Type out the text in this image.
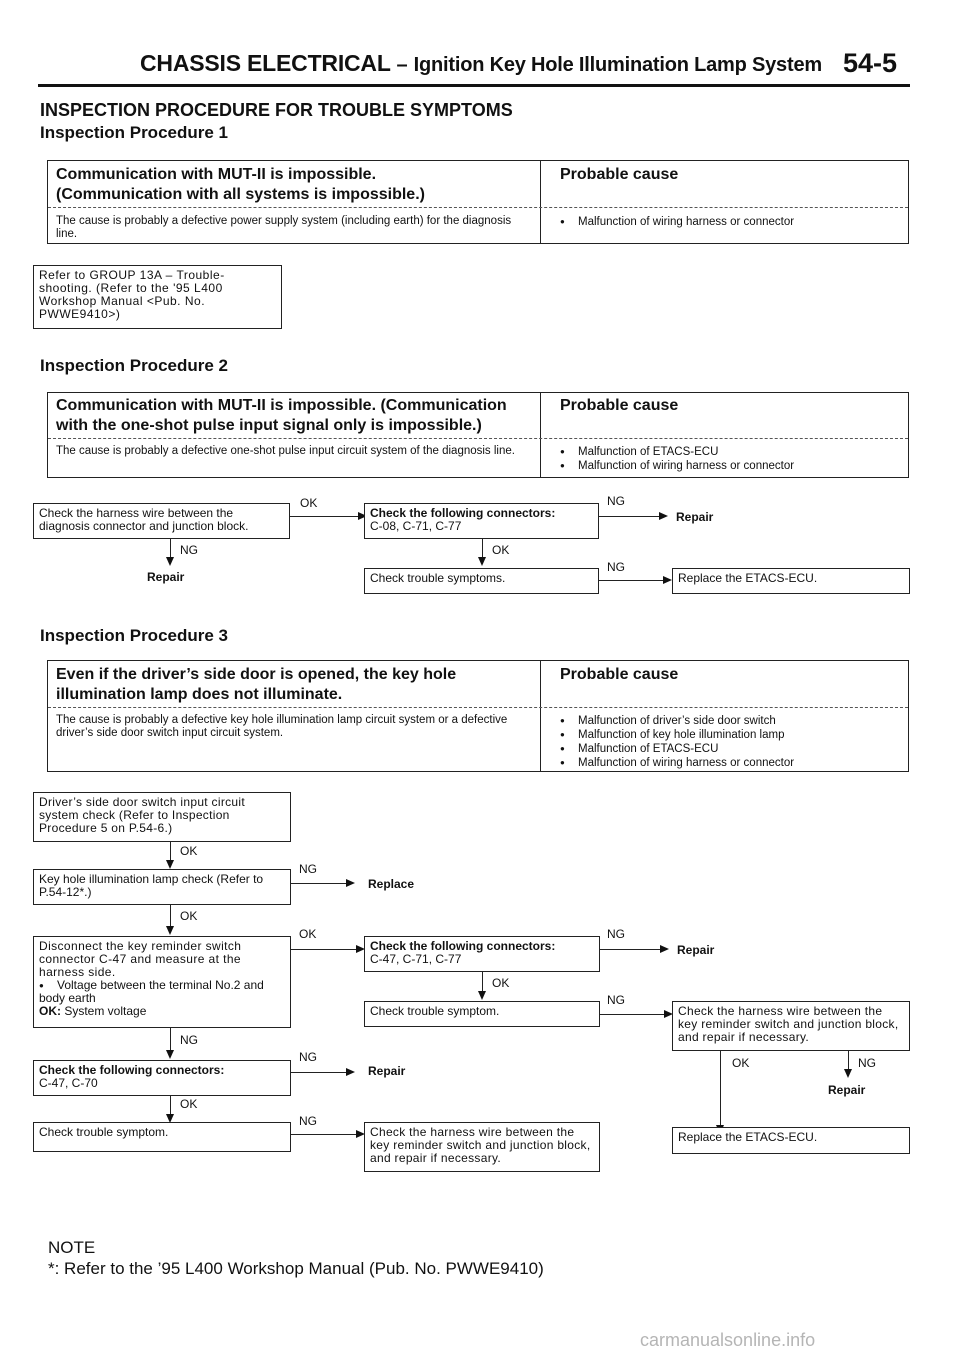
CHASSIS ELECTRICAL – Ignition Key Hole Illumination Lamp System 54-5
INSPECTION PROCEDURE FOR TROUBLE SYMPTOMS
Inspection Procedure 1
Communication with MUT-II is impossible.
(Communication with all systems is impossible.)
Probable cause
The cause is probably a defective power supply system (including earth) for the diagnosis line.
● Malfunction of wiring harness or connector
Refer to GROUP 13A – Trouble-shooting. (Refer to the '95 L400 Workshop Manual <Pub. No. PWWE9410>)
Inspection Procedure 2
Communication with MUT-II is impossible. (Communication
with the one-shot pulse input signal only is impossible.)
Probable cause
The cause is probably a defective one-shot pulse input circuit system of the diagnosis line.
●	Malfunction of ETACS-ECU
● Malfunction of wiring harness or connector
Check the harness wire between the diagnosis connector and junction block.
OK
Check the following connectors:
C-08, C-71, C-77
NG
Repair
NG
Repair
OK
Check trouble symptoms.
NG
Replace the ETACS-ECU.
Inspection Procedure 3
Even if the driver’s side door is opened, the key hole
illumination lamp does not illuminate.
Probable cause
The cause is probably a defective key hole illumination lamp circuit system or a defective driver’s side door switch input circuit system.
● Malfunction of driver’s side door switch
● Malfunction of key hole illumination lamp
● Malfunction of ETACS-ECU
● Malfunction of wiring harness or connector
Driver’s side door switch input circuit system check (Refer to Inspection Procedure 5 on P.54-6.)
OK
Key hole illumination lamp check (Refer to P.54-12*.)
NG
Replace
OK
Disconnect the key reminder switch connector C-47 and measure at the harness side.
● Voltage between the terminal No.2 and body earth
OK: System voltage
OK
Check the following connectors:
C-47, C-71, C-77
NG
Repair
OK
Check trouble symptom.
NG
Check the harness wire between the key reminder switch and junction block, and repair if necessary.
OK	NG
Repair
Replace the ETACS-ECU.
NG
Check the following connectors:
C-47, C-70
NG
Repair
OK
Check trouble symptom.
NG
Check the harness wire between the key reminder switch and junction block, and repair if necessary.
NOTE
*: Refer to the ’95 L400 Workshop Manual (Pub. No. PWWE9410)
carmanualsonline.info
